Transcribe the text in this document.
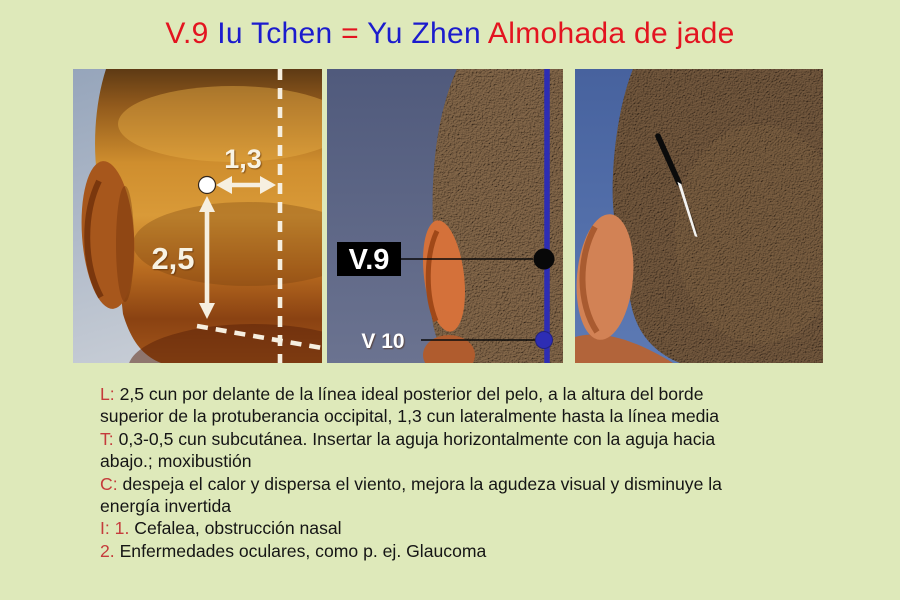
V.9 Iu Tchen = Yu Zhen Almohada de jade
1,3
2,5	V.9
V 10
L: 2,5 cun por delante de la línea ideal posterior del pelo, a la altura del borde
superior de la protuberancia occipital, 1,3 cun lateralmente hasta la línea media
T: 0,3-0,5 cun subcutánea. Insertar la aguja horizontalmente con la aguja hacia
abajo.; moxibustión
C: despeja el calor y dispersa el viento, mejora la agudeza visual y disminuye la
energía invertida
I: 1. Cefalea, obstrucción nasal
2. Enfermedades oculares, como p. ej. Glaucoma
